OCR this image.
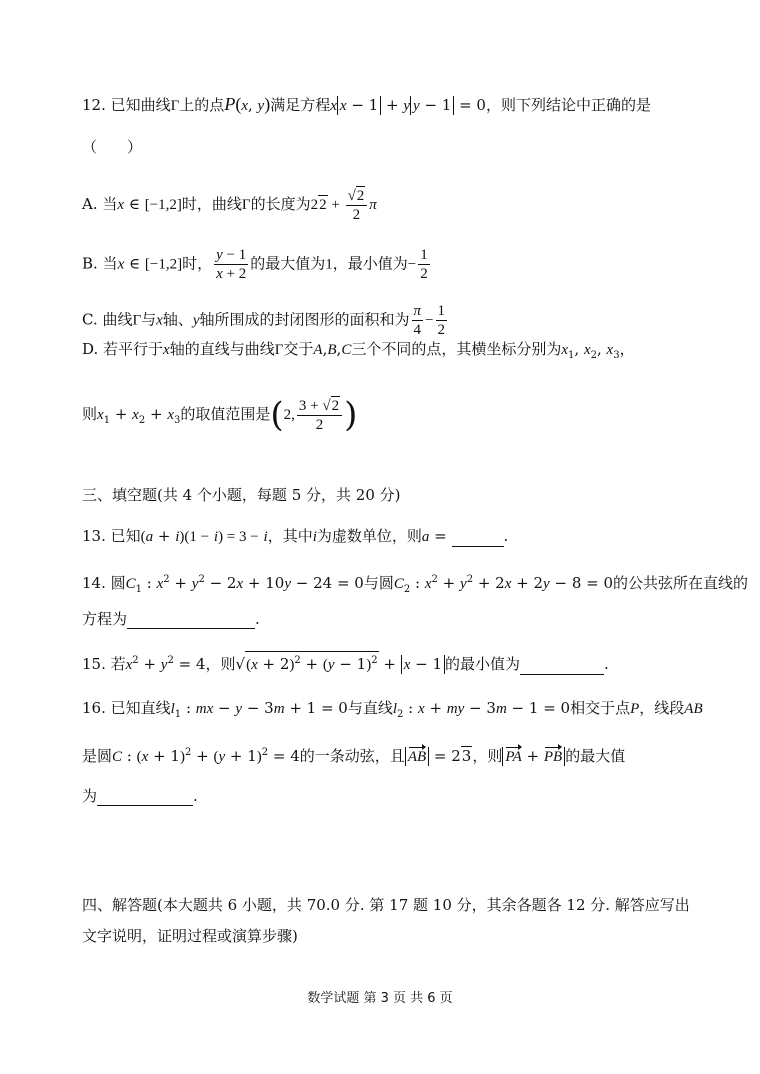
12. 已知曲线Γ上的点P(x, y)满足方程x x − 1 + y y − 1 = 0，则下列结论中正确的是
（　　）
A. 当x ∈ [−1,2]时，曲线Γ的长度为$22 + \frac{√2}{2}$ π
B. 当x ∈ [−1,2]时， $\frac{y - 1}{x + 2}$ 的最大值为1，最小值为− $\frac{1}{2}$
C. 曲线Γ与x轴、y轴所围成的封闭图形的面积和为 $\frac{\pi}{4} - \frac{1}{2}$
D. 若平行于x轴的直线与曲线Γ交于A,B,C三个不同的点，其横坐标分别为$x_1$, $x_2$, $x_3$，
则$x_1 + x_2 + x_3$的取值范围是(2, $\frac{3 + √2}{2}$ )
三、填空题(共 4 个小题，每题 5 分，共 20 分)
13. 已知(a + i)(1 − i) = 3 − i，其中i为虚数单位，则a =	.
14. 圆$C_1$ : $x^2 + y^2 - 2x + 10y - 24 = 0$与圆$C_2$ : $x^2 + y^2 + 2x + 2y - 8 = 0$的公共弦所在直线的
方程为	.
15. 若$x^2 + y^2 = 4$，则$√(x + 2)^2 + (y - 1)^2 + x - 1$ 的最小值为	.
16. 已知直线$l_1$ : mx − y − 3m + 1 = 0与直线$l_2$ : x + my − 3m − 1 = 0相交于点P，线段AB
是圆C : $(x + 1)^2 + (y + 1)^2 = 4$的一条动弦，且 AB = 23，则 PA + PB 的最大值
为	.
四、解答题(本大题共 6 小题，共 70.0 分. 第 17 题 10 分，其余各题各 12 分. 解答应写出
文字说明，证明过程或演算步骤)
数学试题 第 3 页 共 6 页
